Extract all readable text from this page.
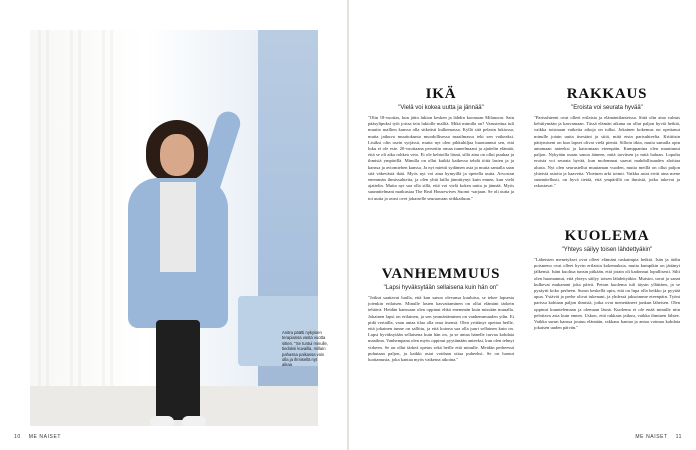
Anitra päätti nykyisen terapiansa vasta vuotta sitten. "Se tuntui minulle, tiedoksi kuvailla, millain pahassa paikassa voin olla ja ihmisellä nyt aikaa
10 ME NAISET	ME NAISET 11
IKÄ
"Vielä voi kokea uutta ja jännää"

"Olin 18-vuotias, kun jätin lukion kesken ja lähdin koomaan Milanoon. Sain pääsylipuksi työt joissa tein lukiolle malliä. Mikä minulla on? Varustettua tuli muutto mallien kanssa olla sitkeästi kulkemassa. Kyllä sitä pelasin lukiossa, mutta jatkuva muuttokunta muodollisessa maailmassa teki sen vaikeaksi. Lisäksi olin usein syrjässä, mutta nyt olen pikkuhiljaa huomannut sen, että luku ei ole este. 20-vuotiaana persettin omaa tunnelmaani ja ajattelin elämää, että se oli aika rohkea veto. Ei ole kehtoilla läsnä, sillä aina on ollut puuhaa ja ihmisiä ympärillä. Minulla on ollut kaikki kaikessa tehdä töitä lasten ja ja kanssa ja aviomiehen kanssa. Ja nyt miettii sydämen asia ja mutta samalla saan sitä väkevästä ikää. Myös nyt voi aina hymyillä ja opetella uutta. Arvostan enemmän ihmissuhteita, ja olen yhtä lailla jännittynyt kuin ennen, kun vielä ajattelin. Mutta nyt saa olla sillä, että voi vielä kokea uutta ja jännää. Myös suunnitelmani matkustaa The Real Housewives Suomi -sarjaan. Se oli uutta ja toi uutta ja avasi ovet jokaiselle seuraavaan seikkailuun."

VANHEMMUUS
"Lapsi hyväksytään sellaisena kuin hän on"

"Jotkut saattavat luulla, että kun sanoo olevansa kuuluisa, se tekee lapsesta jotenkin erilaisen. Minulle lasten kasvattaminen on ollut elämäni tärkein tehtävä. Heidän kanssaan olen oppinut ehkä enemmän kuin missään muualla. Jokainen lapsi on erilainen, ja sen ymmärtäminen on vanhemmuuden ydin. Ei pidä vertailla, vaan antaa tilaa olla oma itsensä. Olen yrittänyt opettaa heille, että jokainen tunne on sallittu, ja että kotona saa olla juuri sellainen kuin on. Lapsi hyväksytään sellaisena kuin hän on, ja se antaa hänelle turvaa kohdata maailma. Vanhempana olen myös oppinut pyytämään anteeksi, kun olen tehnyt virheen. Se on ollut tärkeä opetus sekä heille että minulle. Meidän perheessä puhutaan paljon, ja kaikki asiat voidaan ottaa puheeksi. Se on luonut luottamusta, joka kantaa myös vaikeina aikoina."

RAKKAUS
"Eroista voi seurata hyvää"

"Parisuhteeni ovat olleet erilaisia ja elämäntilanteissa. Sittä olin aina valmis kehittymään ja kasvamaan. Tässä elämän aikana on ollut paljon hyviä hetkiä, vaikka toisinaan vaikeita aikoja on tullut. Jokainen kokemus on opettanut minulle jotain uutta itsestäni ja siitä, mitä etsin parisuhteelta. Kriittisin pättymiseni on kun lapset olivat vielä pieniä. Silloin itkin, mutta samalla opin antamaan anteeksi ja katsomaan eteenpäin. Kumppanina olen muuttunut paljon. Nykyään osaan sanoa ääneen, mitä tarvitsen ja mitä haluan. Lopulta eroista voi seurata hyvää, kun molemmat saavat mahdollisuuden aloittaa alusta. Nyt olen seurustellut muutaman vuoden, mutta meillä on ollut paljon yhteisiä asioita ja haaveita. Yhteinen arki toimii. Vaikka asiat eivät aina mene suunnitellusti, on hyvä tietää, että ympärillä on ihmisiä, jotka tukevat ja rakastavat."

KUOLEMA
"Yhteys säilyy toisen lähdettyäkin"

"Läheisten menetykset ovat olleet elämäni raskaimpia hetkiä. Isän ja äidin poismeno ovat olleet hyvin erilaisia kokemuksia, mutta kumpikin on jättänyt jälkensä. Isäni kuoltua tunsin pitkään, että jotain oli kadonnut lopullisesti. Silti olen huomannut, että yhteys säilyy toisen lähdettyäkin. Muistot, tavat ja sanat kulkevat mukanani joka päivä. Petran kuolema tuli täysin yllättäen, ja se pysäytti koko perheen. Surun keskellä opin, että on lupa olla heikko ja pyytää apua. Ystävät ja perhe olivat tukenani, ja yhdessä jaksoimme eteenpäin. Työni parissa kohtaan paljon ihmisiä, jotka ovat menettäneet jonkun läheisen. Olen oppinut kuuntelemaan ja olemaan läsnä. Kuolema ei ole enää minulle niin pelottava asia kuin ennen. Uskon, että rakkaus jatkuu, vaikka ihminen lähtee. Vaikka surun kanssa joutuu elämään, rakkaus kantaa ja antaa voimaa kohdata jokaisen uuden päivän."
